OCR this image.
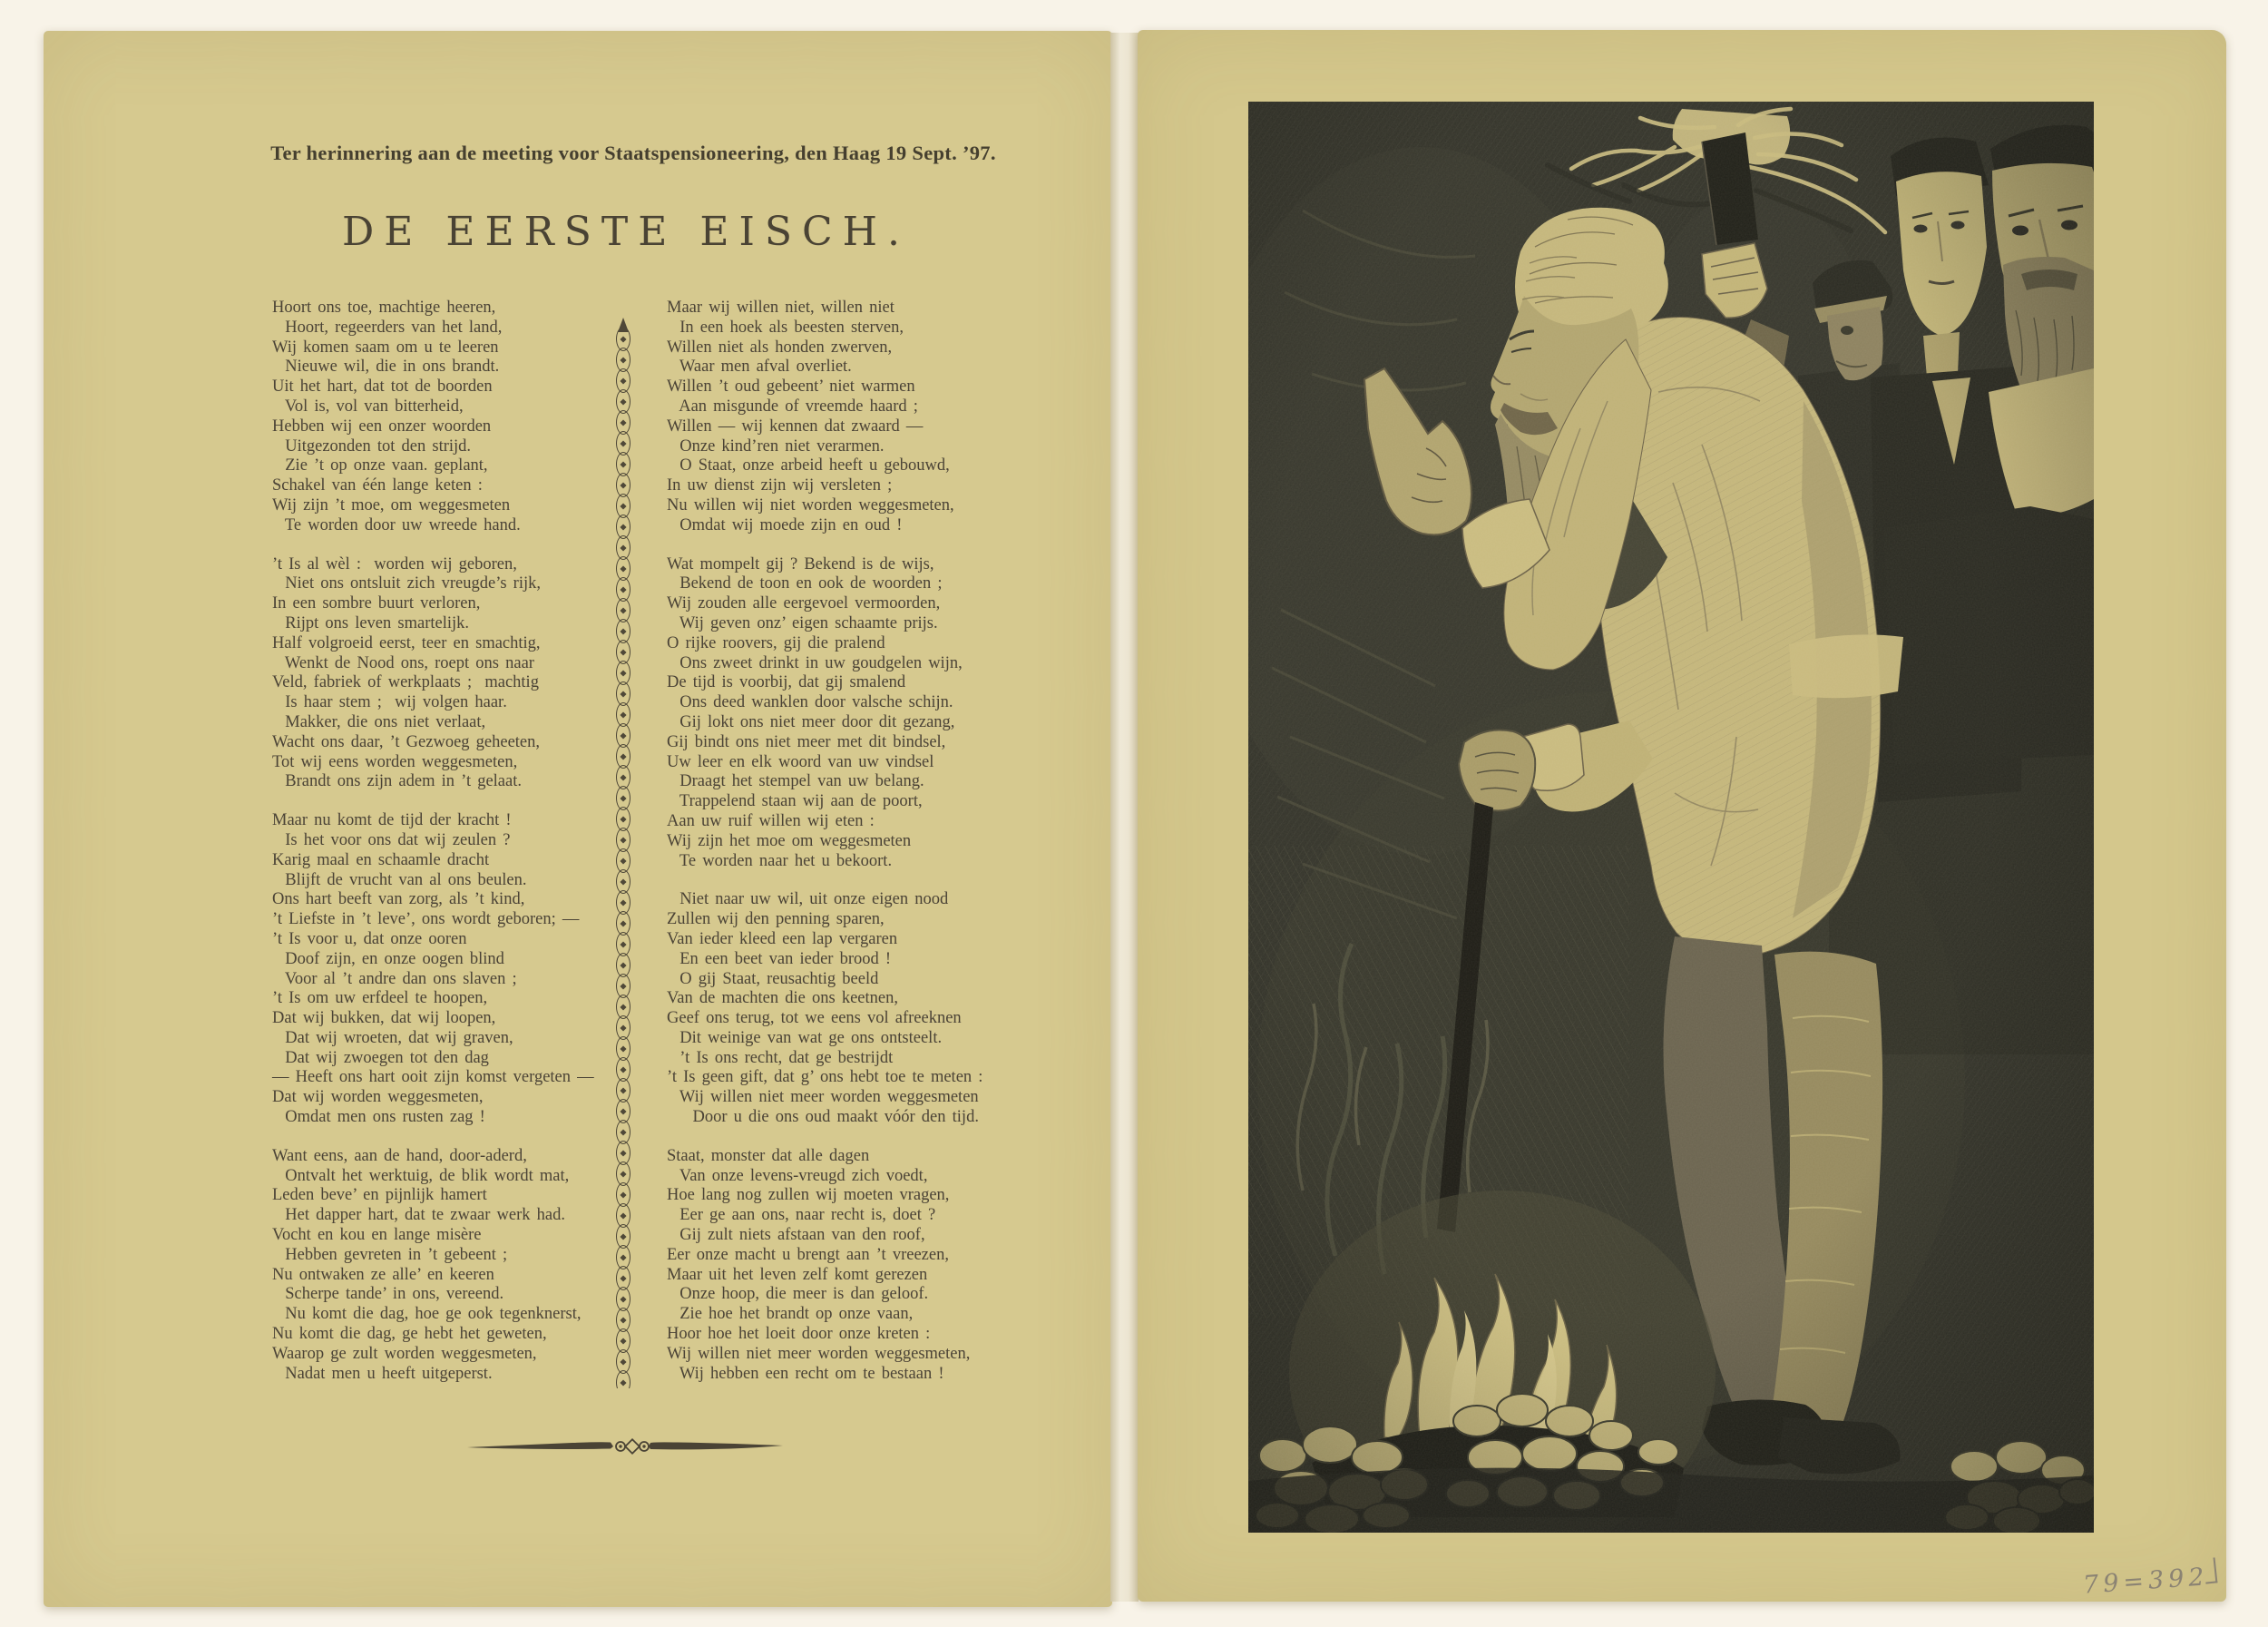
Ter herinnering aan de meeting voor Staatspensioneering, den Haag 19 Sept. ’97.
DE EERSTE EISCH.
Hoort ons toe, machtige heeren,
Hoort, regeerders van het land,
Wij komen saam om u te leeren
Nieuwe wil, die in ons brandt.
Uit het hart, dat tot de boorden
Vol is, vol van bitterheid,
Hebben wij een onzer woorden
Uitgezonden tot den strijd.
Zie ’t op onze vaan. geplant,
Schakel van één lange keten :
Wij zijn ’t moe, om weggesmeten
Te worden door uw wreede hand.
’t Is al wèl :  worden wij geboren,
Niet ons ontsluit zich vreugde’s rijk,
In een sombre buurt verloren,
Rijpt ons leven smartelijk.
Half volgroeid eerst, teer en smachtig,
Wenkt de Nood ons, roept ons naar
Veld, fabriek of werkplaats ;  machtig
Is haar stem ;  wij volgen haar.
Makker, die ons niet verlaat,
Wacht ons daar, ’t Gezwoeg geheeten,
Tot wij eens worden weggesmeten,
Brandt ons zijn adem in ’t gelaat.
Maar nu komt de tijd der kracht !
Is het voor ons dat wij zeulen ?
Karig maal en schaamle dracht
Blijft de vrucht van al ons beulen.
Ons hart beeft van zorg, als ’t kind,
’t Liefste in ’t leve’, ons wordt geboren; —
’t Is voor u, dat onze ooren
Doof zijn, en onze oogen blind
Voor al ’t andre dan ons slaven ;
’t Is om uw erfdeel te hoopen,
Dat wij bukken, dat wij loopen,
Dat wij wroeten, dat wij graven,
Dat wij zwoegen tot den dag
— Heeft ons hart ooit zijn komst vergeten —
Dat wij worden weggesmeten,
Omdat men ons rusten zag !
Want eens, aan de hand, door-aderd,
Ontvalt het werktuig, de blik wordt mat,
Leden beve’ en pijnlijk hamert
Het dapper hart, dat te zwaar werk had.
Vocht en kou en lange misère
Hebben gevreten in ’t gebeent ;
Nu ontwaken ze alle’ en keeren
Scherpe tande’ in ons, vereend.
Nu komt die dag, hoe ge ook tegenknerst,
Nu komt die dag, ge hebt het geweten,
Waarop ge zult worden weggesmeten,
Nadat men u heeft uitgeperst.
Maar wij willen niet, willen niet
In een hoek als beesten sterven,
Willen niet als honden zwerven,
Waar men afval overliet.
Willen ’t oud gebeent’ niet warmen
Aan misgunde of vreemde haard ;
Willen — wij kennen dat zwaard —
Onze kind’ren niet verarmen.
O Staat, onze arbeid heeft u gebouwd,
In uw dienst zijn wij versleten ;
Nu willen wij niet worden weggesmeten,
Omdat wij moede zijn en oud !
Wat mompelt gij ? Bekend is de wijs,
Bekend de toon en ook de woorden ;
Wij zouden alle eergevoel vermoorden,
Wij geven onz’ eigen schaamte prijs.
O rijke roovers, gij die pralend
Ons zweet drinkt in uw goudgelen wijn,
De tijd is voorbij, dat gij smalend
Ons deed wanklen door valsche schijn.
Gij lokt ons niet meer door dit gezang,
Gij bindt ons niet meer met dit bindsel,
Uw leer en elk woord van uw vindsel
Draagt het stempel van uw belang.
Trappelend staan wij aan de poort,
Aan uw ruif willen wij eten :
Wij zijn het moe om weggesmeten
Te worden naar het u bekoort.
Niet naar uw wil, uit onze eigen nood
Zullen wij den penning sparen,
Van ieder kleed een lap vergaren
En een beet van ieder brood !
O gij Staat, reusachtig beeld
Van de machten die ons keetnen,
Geef ons terug, tot we eens vol afreeknen
Dit weinige van wat ge ons ontsteelt.
’t Is ons recht, dat ge bestrijdt
’t Is geen gift, dat g’ ons hebt toe te meten :
Wij willen niet meer worden weggesmeten
Door u die ons oud maakt vóór den tijd.
Staat, monster dat alle dagen
Van onze levens-vreugd zich voedt,
Hoe lang nog zullen wij moeten vragen,
Eer ge aan ons, naar recht is, doet ?
Gij zult niets afstaan van den roof,
Eer onze macht u brengt aan ’t vreezen,
Maar uit het leven zelf komt gerezen
Onze hoop, die meer is dan geloof.
Zie hoe het brandt op onze vaan,
Hoor hoe het loeit door onze kreten :
Wij willen niet meer worden weggesmeten,
Wij hebben een recht om te bestaan !
79=392
